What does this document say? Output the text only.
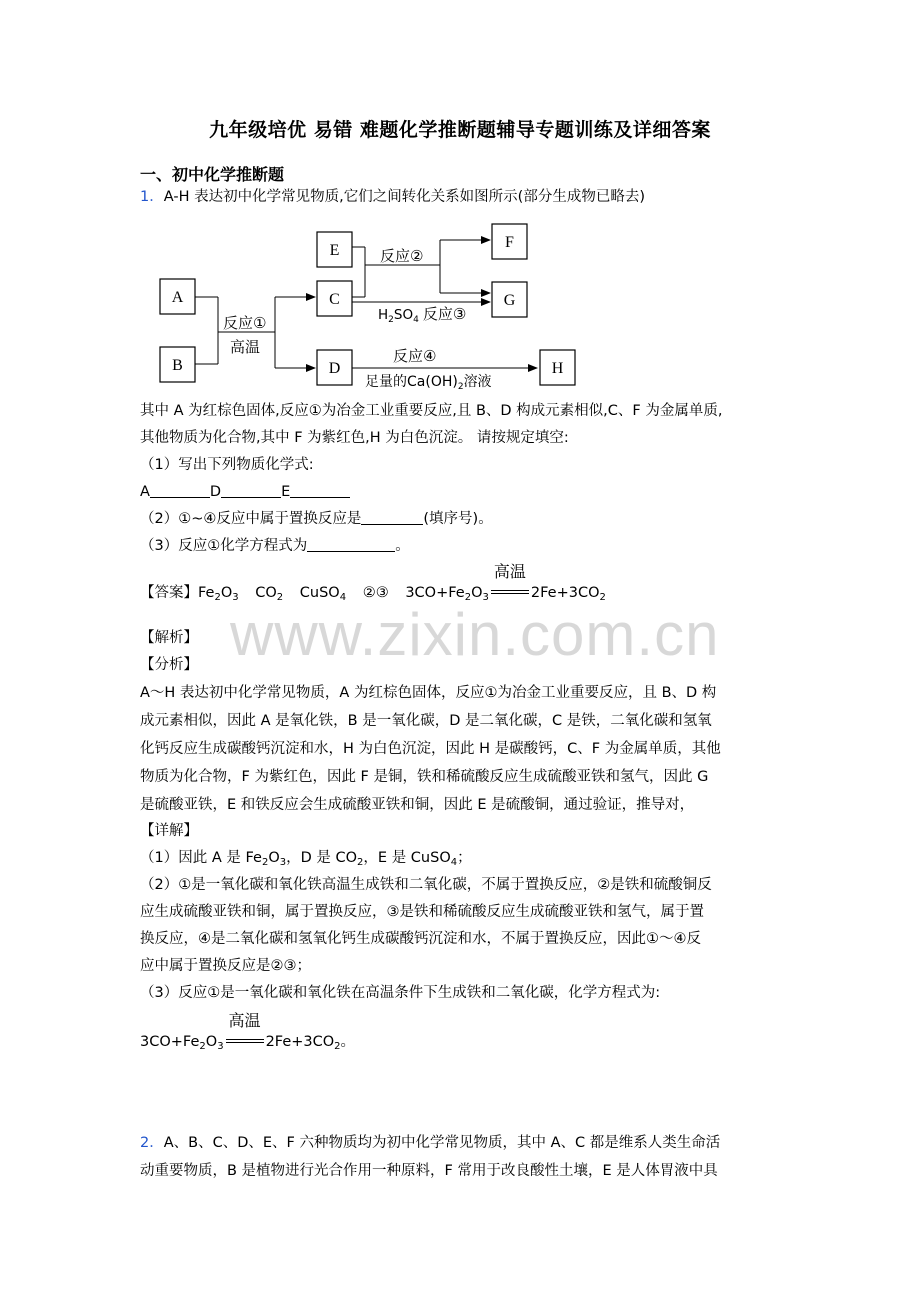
九年级培优 易错 难题化学推断题辅导专题训练及详细答案
一、初中化学推断题
www.zixin.com.cn
1．A-H 表达初中化学常见物质,它们之间转化关系如图所示(部分生成物已略去)
A
B
C
D
E	F
G
H
反应①
高温
反应②
$H_2SO_4$ 反应③
反应④
足量的$Ca(OH)_2$溶液
其中 A 为红棕色固体,反应①为冶金工业重要反应,且 B、D 构成元素相似,C、F 为金属单质,
其他物质为化合物,其中 F 为紫红色,H 为白色沉淀。 请按规定填空:
（1）写出下列物质化学式:
A	D	E
（2）①~④反应中属于置换反应是	(填序号)。
（3）反应①化学方程式为	。
【答案】$Fe_2O_3$ $CO_2$ CuSO$_4$ ②③ $3CO+Fe_2O_3$
高温
$2Fe+3CO_2$
【解析】
【分析】
A～H 表达初中化学常见物质，A 为红棕色固体，反应①为冶金工业重要反应，且 B、D 构
成元素相似，因此 A 是氧化铁，B 是一氧化碳，D 是二氧化碳，C 是铁，二氧化碳和氢氧
化钙反应生成碳酸钙沉淀和水，H 为白色沉淀，因此 H 是碳酸钙，C、F 为金属单质，其他
物质为化合物，F 为紫红色，因此 F 是铜，铁和稀硫酸反应生成硫酸亚铁和氢气，因此 G
是硫酸亚铁，E 和铁反应会生成硫酸亚铁和铜，因此 E 是硫酸铜，通过验证，推导对，
【详解】
（1）因此 A 是 $Fe_2O_3$，D 是 $CO_2$，E 是 CuSO$_4$；
（2）①是一氧化碳和氧化铁高温生成铁和二氧化碳，不属于置换反应，②是铁和硫酸铜反
应生成硫酸亚铁和铜，属于置换反应，③是铁和稀硫酸反应生成硫酸亚铁和氢气，属于置
换反应，④是二氧化碳和氢氧化钙生成碳酸钙沉淀和水，不属于置换反应，因此①～④反
应中属于置换反应是②③；
（3）反应①是一氧化碳和氧化铁在高温条件下生成铁和二氧化碳，化学方程式为:
$3CO+Fe_2O_3$
高温
$2Fe+3CO_2$。
2．A、B、C、D、E、F 六种物质均为初中化学常见物质，其中 A、C 都是维系人类生命活
动重要物质，B 是植物进行光合作用一种原料，F 常用于改良酸性土壤，E 是人体胃液中具
